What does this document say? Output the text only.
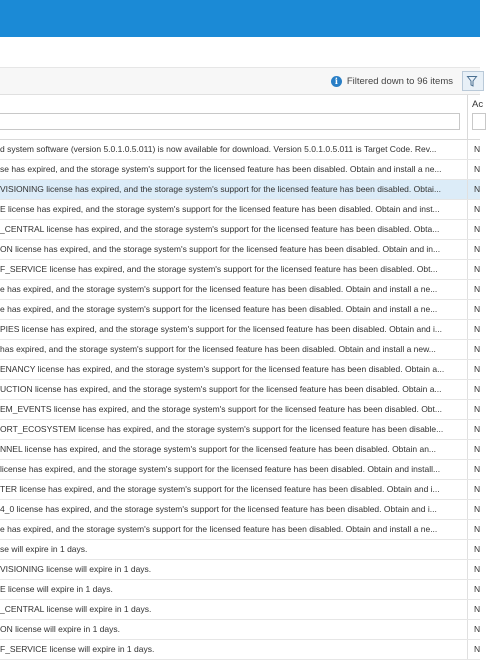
i Filtered down to 96 items
Ac
d system software (version 5.0.1.0.5.011) is now available for download. Version 5.0.1.0.5.011 is Target Code. Rev...	N
se has expired, and the storage system's support for the licensed feature has been disabled. Obtain and install a ne...	N
VISIONING license has expired, and the storage system's support for the licensed feature has been disabled. Obtai...	N
E license has expired, and the storage system's support for the licensed feature has been disabled. Obtain and inst...	N
_CENTRAL license has expired, and the storage system's support for the licensed feature has been disabled. Obta...	N
ON license has expired, and the storage system's support for the licensed feature has been disabled. Obtain and in...	N
F_SERVICE license has expired, and the storage system's support for the licensed feature has been disabled. Obt...	N
e has expired, and the storage system's support for the licensed feature has been disabled. Obtain and install a ne...	N
e has expired, and the storage system's support for the licensed feature has been disabled. Obtain and install a ne...	N
PIES license has expired, and the storage system's support for the licensed feature has been disabled. Obtain and i...	N
has expired, and the storage system's support for the licensed feature has been disabled. Obtain and install a new...	N
ENANCY license has expired, and the storage system's support for the licensed feature has been disabled. Obtain a...	N
UCTION license has expired, and the storage system's support for the licensed feature has been disabled. Obtain a...	N
EM_EVENTS license has expired, and the storage system's support for the licensed feature has been disabled. Obt...	N
ORT_ECOSYSTEM license has expired, and the storage system's support for the licensed feature has been disable...	N
NNEL license has expired, and the storage system's support for the licensed feature has been disabled. Obtain an...	N
license has expired, and the storage system's support for the licensed feature has been disabled. Obtain and install...	N
TER license has expired, and the storage system's support for the licensed feature has been disabled. Obtain and i...	N
4_0 license has expired, and the storage system's support for the licensed feature has been disabled. Obtain and i...	N
e has expired, and the storage system's support for the licensed feature has been disabled. Obtain and install a ne...	N
se will expire in 1 days.	N
VISIONING license will expire in 1 days.	N
E license will expire in 1 days.	N
_CENTRAL license will expire in 1 days.	N
ON license will expire in 1 days.	N
F_SERVICE license will expire in 1 days.	N
